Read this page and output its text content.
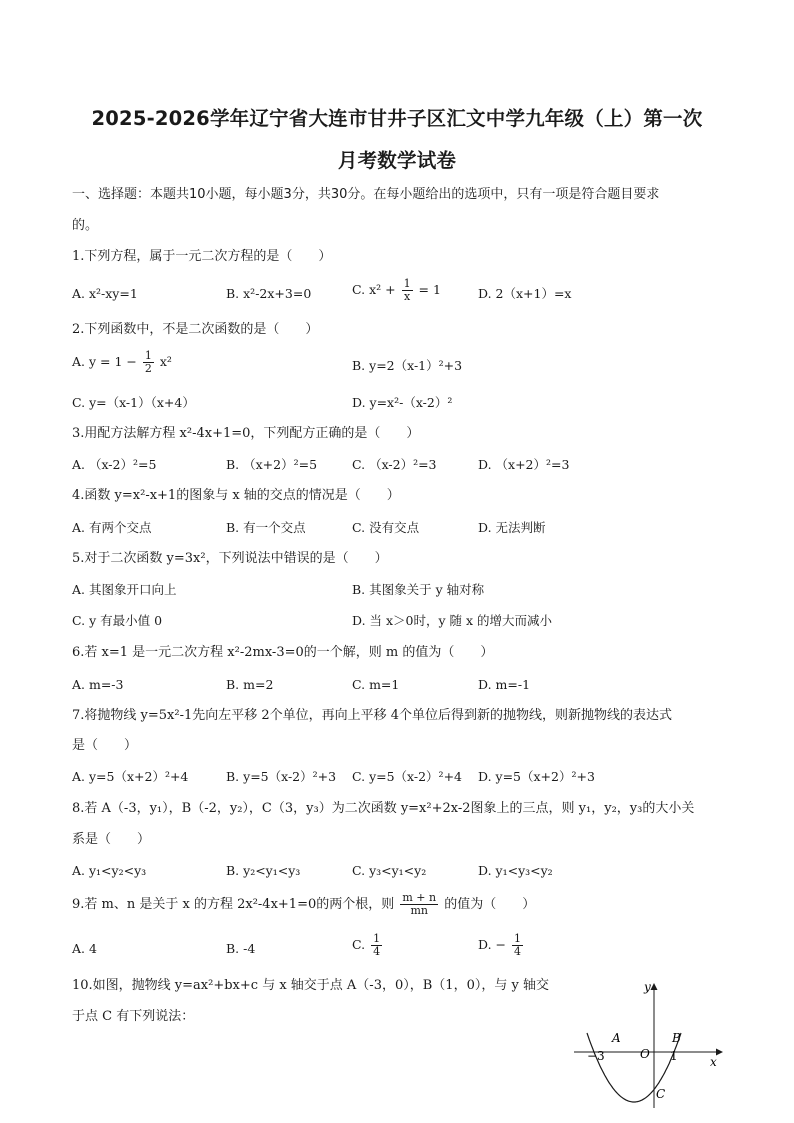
2025-2026学年辽宁省大连市甘井子区汇文中学九年级（上）第一次
月考数学试卷
一、选择题：本题共10小题，每小题3分，共30分。在每小题给出的选项中，只有一项是符合题目要求
的。
1.下列方程，属于一元二次方程的是（　　）
A. x²-xy=1	B. x²-2x+3=0	C. $x^2 + \frac{1}{x} = 1$	D. 2（x+1）=x
2.下列函数中，不是二次函数的是（　　）
A. $y = 1 - \frac{1}{2} x^2$	B. y=2（x-1）²+3
C. y=（x-1）（x+4）	D. y=x²-（x-2）²
3.用配方法解方程 x²-4x+1=0，下列配方正确的是（　　）
A. （x-2）²=5	B. （x+2）²=5	C. （x-2）²=3	D. （x+2）²=3
4.函数 y=x²-x+1的图象与 x 轴的交点的情况是（　　）
A. 有两个交点	B. 有一个交点	C. 没有交点	D. 无法判断
5.对于二次函数 y=3x²，下列说法中错误的是（　　）
A. 其图象开口向上	B. 其图象关于 y 轴对称
C. y 有最小值 0	D. 当 x＞0时，y 随 x 的增大而减小
6.若 x=1 是一元二次方程 x²-2mx-3=0的一个解，则 m 的值为（　　）
A. m=-3	B. m=2	C. m=1	D. m=-1
7.将抛物线 y=5x²-1先向左平移 2个单位，再向上平移 4个单位后得到新的抛物线，则新抛物线的表达式
是（　　）
A. y=5（x+2）²+4	B. y=5（x-2）²+3 C. y=5（x-2）²+4 D. y=5（x+2）²+3
8.若 A（-3，y₁），B（-2，y₂），C（3，y₃）为二次函数 y=x²+2x-2图象上的三点，则 y₁，y₂，y₃的大小关
系是（　　）
A. y₁<y₂<y₃	B. y₂<y₁<y₃	C. y₃<y₁<y₂	D. y₁<y₃<y₂
9.若 m、n 是关于 x 的方程 2x²-4x+1=0的两个根，则 $\frac{m + n}{mn}$ 的值为（　　）
A. 4	B. -4	C. $\frac{1}{4}$	D. − $\frac{1}{4}$
10.如图，抛物线 y=ax²+bx+c 与 x 轴交于点 A（-3，0），B（1，0），与 y 轴交
于点 C 有下列说法：
y
x
A	B
O
−3	1
C
